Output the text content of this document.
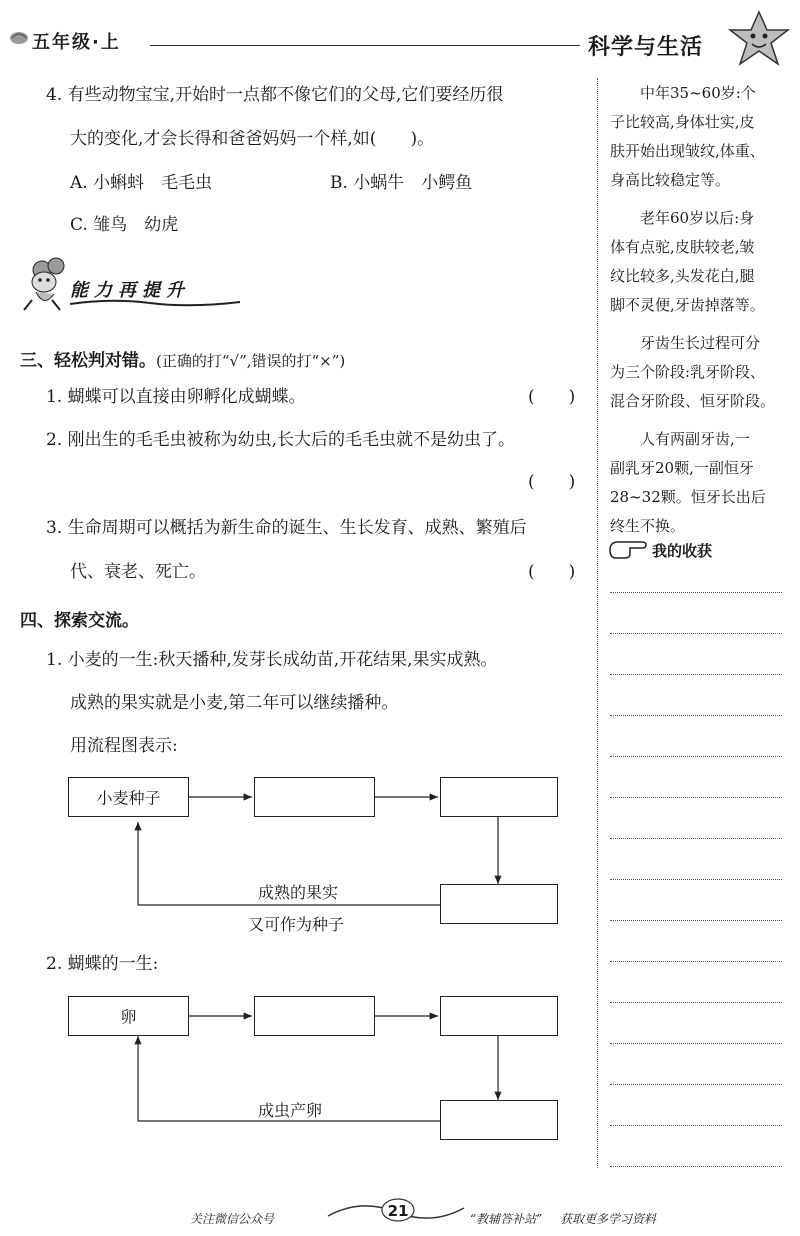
五年级·上	科学与生活
4. 有些动物宝宝,开始时一点都不像它们的父母,它们要经历很
大的变化,才会长得和爸爸妈妈一个样,如(　　)。
A. 小蝌蚪　毛毛虫	B. 小蜗牛　小鳄鱼
C. 雏鸟　幼虎
能力再提升
三、轻松判对错。(正确的打“√”,错误的打“×”)
1. 蝴蝶可以直接由卵孵化成蝴蝶。	(　　)
2. 刚出生的毛毛虫被称为幼虫,长大后的毛毛虫就不是幼虫了。
(　　)
3. 生命周期可以概括为新生命的诞生、生长发育、成熟、繁殖后
代、衰老、死亡。	(　　)
四、探索交流。
1. 小麦的一生:秋天播种,发芽长成幼苗,开花结果,果实成熟。
成熟的果实就是小麦,第二年可以继续播种。
用流程图表示:
小麦种子
成熟的果实
又可作为种子
2. 蝴蝶的一生:
卵
成虫产卵
中年35~60岁:个
子比较高,身体壮实,皮
肤开始出现皱纹,体重、
身高比较稳定等。
老年60岁以后:身
体有点驼,皮肤较老,皱
纹比较多,头发花白,腿
脚不灵便,牙齿掉落等。
牙齿生长过程可分
为三个阶段:乳牙阶段、
混合牙阶段、恒牙阶段。
人有两副牙齿,一
副乳牙20颗,一副恒牙
28~32颗。恒牙长出后
终生不换。
我的收获
关注微信公众号	21	“教辅答补站” 获取更多学习资料
